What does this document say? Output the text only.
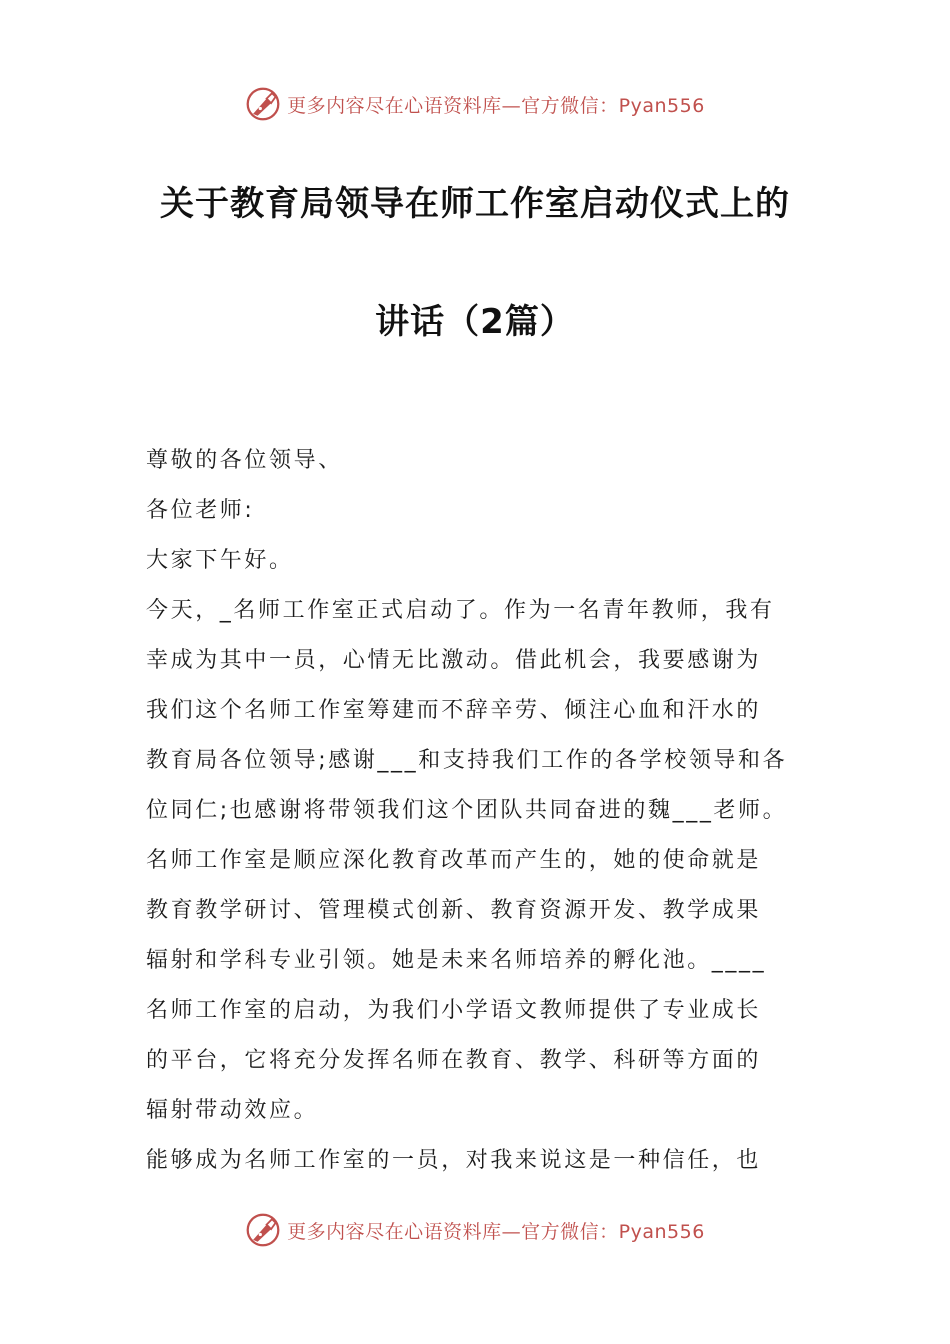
更多内容尽在心语资料库—官方微信：Pyan556
关于教育局领导在师工作室启动仪式上的
讲话（2篇）
尊敬的各位领导、
各位老师:
大家下午好。
今天，_名师工作室正式启动了。作为一名青年教师，我有
幸成为其中一员，心情无比激动。借此机会，我要感谢为
我们这个名师工作室筹建而不辞辛劳、倾注心血和汗水的
教育局各位领导;感谢___和支持我们工作的各学校领导和各
位同仁;也感谢将带领我们这个团队共同奋进的魏___老师。
名师工作室是顺应深化教育改革而产生的，她的使命就是
教育教学研讨、管理模式创新、教育资源开发、教学成果
辐射和学科专业引领。她是未来名师培养的孵化池。____
名师工作室的启动，为我们小学语文教师提供了专业成长
的平台，它将充分发挥名师在教育、教学、科研等方面的
辐射带动效应。
能够成为名师工作室的一员，对我来说这是一种信任，也
更多内容尽在心语资料库—官方微信：Pyan556
